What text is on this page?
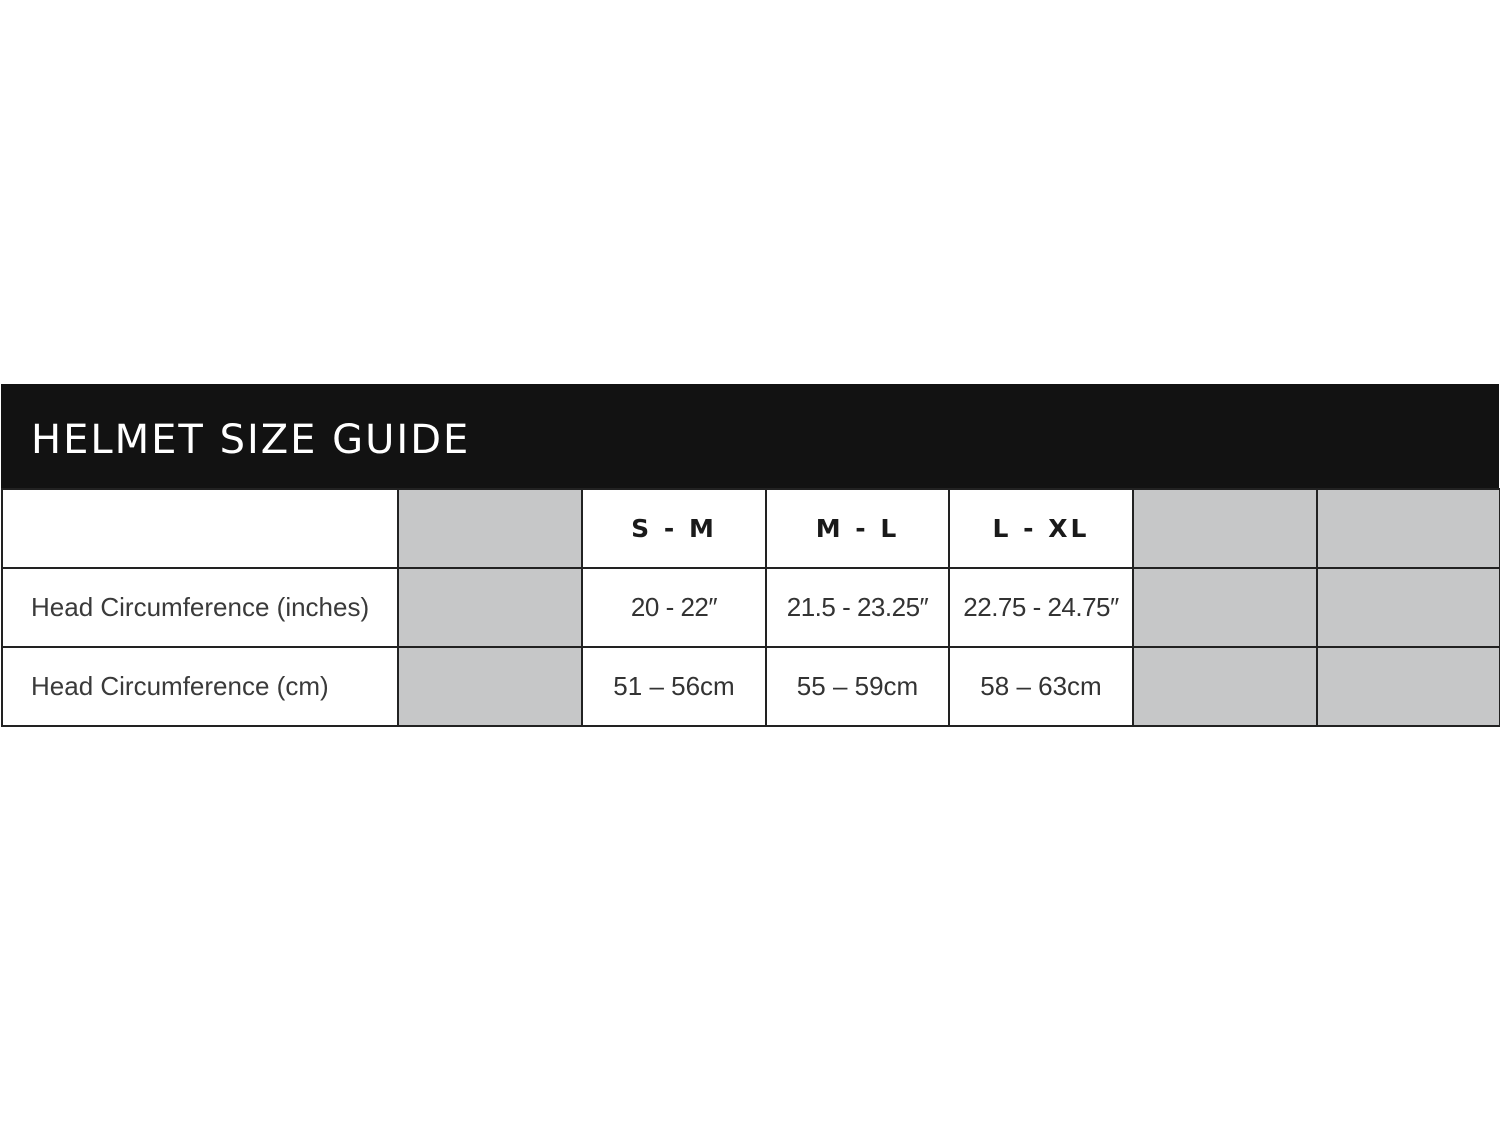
HELMET SIZE GUIDE
		S - M	M - L	L - XL		
Head Circumference (inches)		20 - 22″	21.5 - 23.25″	22.75 - 24.75″		
Head Circumference (cm)		51 – 56cm	55 – 59cm	58 – 63cm		
